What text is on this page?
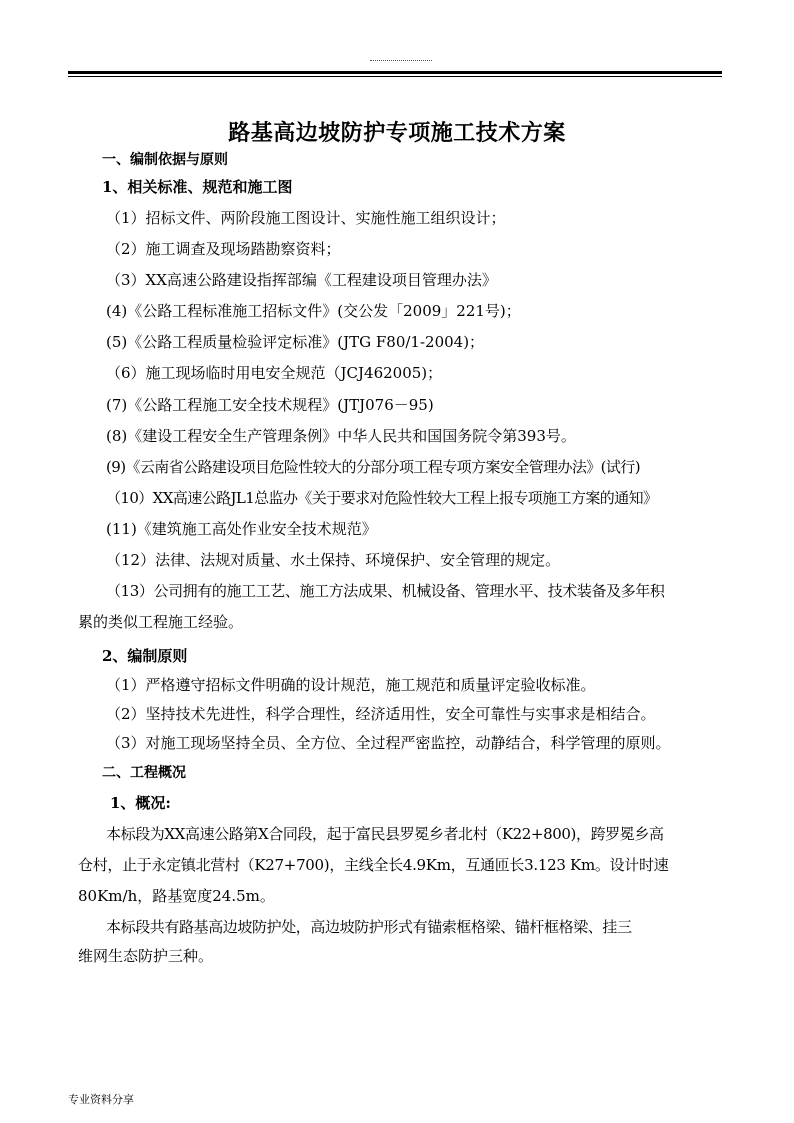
路基高边坡防护专项施工技术方案
一、编制依据与原则
1、相关标准、规范和施工图
（1）招标文件、两阶段施工图设计、实施性施工组织设计；
（2）施工调查及现场踏勘察资料；
（3）XX高速公路建设指挥部编《工程建设项目管理办法》
(4)《公路工程标准施工招标文件》(交公发「2009」221号)；
(5)《公路工程质量检验评定标准》(JTG F80/1-2004)；
（6）施工现场临时用电安全规范（JCJ462005)；
(7)《公路工程施工安全技术规程》(JTJ076－95)
(8)《建设工程安全生产管理条例》中华人民共和国国务院令第393号。
(9)《云南省公路建设项目危险性较大的分部分项工程专项方案安全管理办法》(试行)
（10）XX高速公路JL1总监办《关于要求对危险性较大工程上报专项施工方案的通知》
(11)《建筑施工高处作业安全技术规范》
（12）法律、法规对质量、水土保持、环境保护、安全管理的规定。
（13）公司拥有的施工工艺、施工方法成果、机械设备、管理水平、技术装备及多年积
累的类似工程施工经验。
2、编制原则
（1）严格遵守招标文件明确的设计规范，施工规范和质量评定验收标准。
（2）坚持技术先进性，科学合理性，经济适用性，安全可靠性与实事求是相结合。
（3）对施工现场坚持全员、全方位、全过程严密监控，动静结合，科学管理的原则。
二、工程概况
1、概况:
本标段为XX高速公路第X合同段，起于富民县罗冕乡者北村（K22+800)，跨罗冕乡高
仓村，止于永定镇北营村（K27+700)，主线全长4.9Km，互通匝长3.123 Km。设计时速
80Km/h，路基宽度24.5m。
本标段共有路基高边坡防护处，高边坡防护形式有锚索框格梁、锚杆框格梁、挂三
维网生态防护三种。
专业资料分享
